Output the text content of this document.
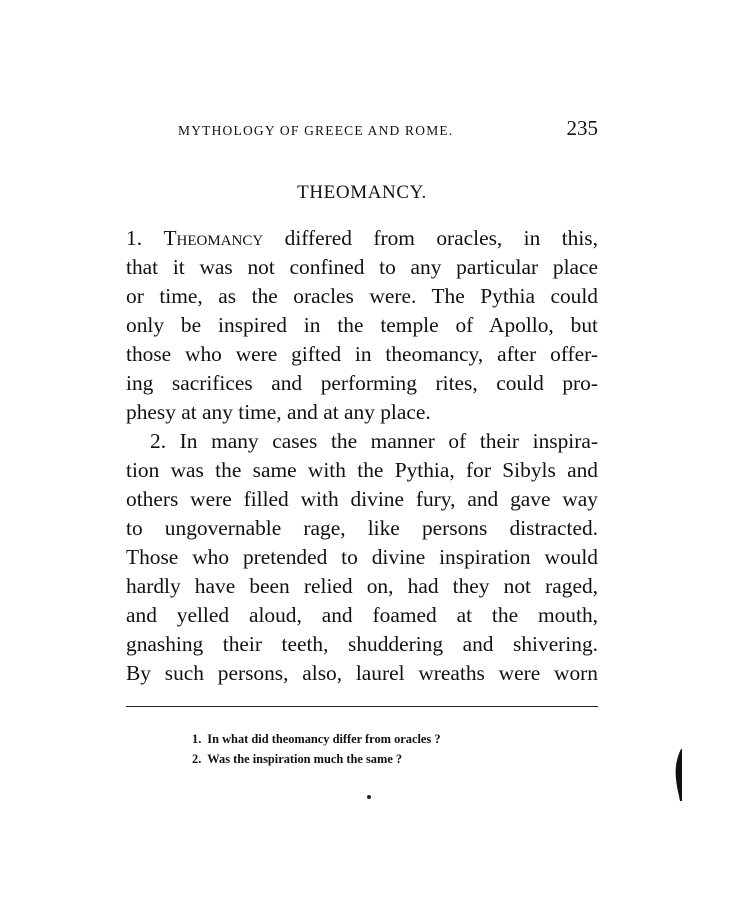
MYTHOLOGY OF GREECE AND ROME.	235
THEOMANCY.
1. Theomancy differed from oracles, in this,
that it was not confined to any particular place
or time, as the oracles were. The Pythia could
only be inspired in the temple of Apollo, but
those who were gifted in theomancy, after offer-
ing sacrifices and performing rites, could pro-
phesy at any time, and at any place.
2. In many cases the manner of their inspira-
tion was the same with the Pythia, for Sibyls and
others were filled with divine fury, and gave way
to ungovernable rage, like persons distracted.
Those who pretended to divine inspiration would
hardly have been relied on, had they not raged,
and yelled aloud, and foamed at the mouth,
gnashing their teeth, shuddering and shivering.
By such persons, also, laurel wreaths were worn
1. In what did theomancy differ from oracles ?
2. Was the inspiration much the same ?
